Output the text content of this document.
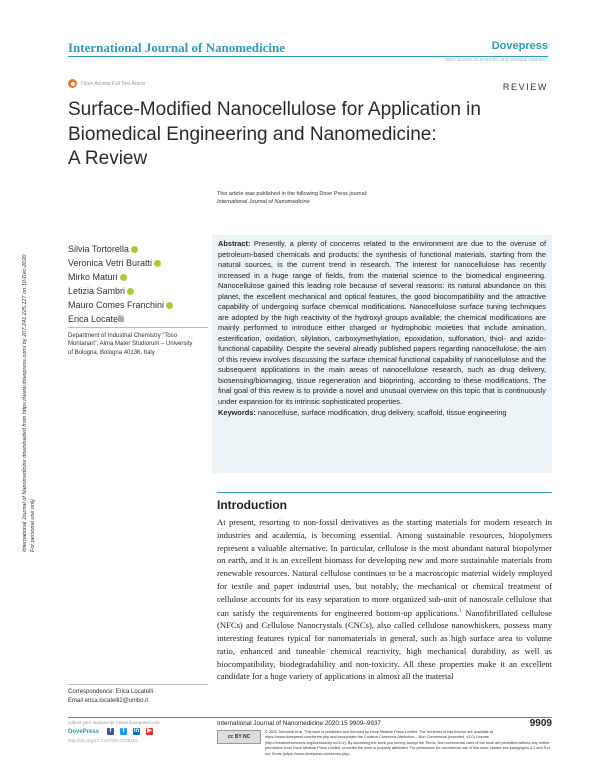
International Journal of Nanomedicine	Dovepress
open access to scientific and medical research
Open Access Full Text Article	REVIEW
Surface-Modified Nanocellulose for Application in
Biomedical Engineering and Nanomedicine:
A Review
This article was published in the following Dove Press journal:
International Journal of Nanomedicine
Silvia Tortorella
Veronica Vetri Buratti
Mirko Maturi
Letizia Sambri
Mauro Comes Franchini
Erica Locatelli
Department of Industrial Chemistry “Toso Montanari”, Alma Mater Studiorum – University of Bologna, Bologna 40136, Italy
Abstract: Presently, a plenty of concerns related to the environment are due to the overuse of petroleum-based chemicals and products; the synthesis of functional materials, starting from the natural sources, is the current trend in research. The interest for nanocellulose has recently increased in a huge range of fields, from the material science to the biomedical engineering. Nanocellulose gained this leading role because of several reasons: its natural abundance on this planet, the excellent mechanical and optical features, the good biocompatibility and the attractive capability of undergoing surface chemical modifications. Nanocellulose surface tuning techniques are adopted by the high reactivity of the hydroxyl groups available; the chemical modifications are mainly performed to introduce either charged or hydrophobic moieties that include amination, esterification, oxidation, silylation, carboxymethylation, epoxidation, sulfonation, thiol- and azido-functional capability. Despite the several already published papers regarding nanocellulose, the aim of this review involves discussing the surface chemical functional capability of nanocellulose and the subsequent applications in the main areas of nanocellulose research, such as drug delivery, biosensing/bioimaging, tissue regeneration and bioprinting, according to these modifications. The final goal of this review is to provide a novel and unusual overview on this topic that is continuously under expansion for its intrinsic sophisticated properties.
Keywords: nanocelluse, surface modification, drug delivery, scaffold, tissue engineering
Introduction
At present, resorting to non-fossil derivatives as the starting materials for modern research in industries and academia, is becoming essential. Among sustainable resources, biopolymers represent a valuable alternative. In particular, cellulose is the most abundant natural biopolymer on earth, and it is an excellent biomass for developing new and more sustainable materials from renewable resources. Natural cellulose continues to be a macroscopic material widely employed for textile and paper industrial uses, but notably, the mechanical or chemical treatment of cellulose accounts for its easy separation to more organized sub-unit of nanoscale cellulose that can satisfy the requirements for engineered bottom-up applications.$^1$ Nanofibrillated cellulose (NFCs) and Cellulose Nanocrystals (CNCs), also called cellulose nanowhiskers, possess many interesting features typical for nanomaterials in general, such as high surface area to volume ratio, enhanced and tuneable chemical reactivity, high mechanical durability, as well as biocompatibility, biodegradability and non-toxicity. All these properties make it an excellent candidate for a huge variety of applications in almost all the material
Correspondence: Erica Locatelli
Email erica.locatelli2@unibo.it
submit your manuscript | www.dovepress.com
DovePress	f	t	in ▶
http://doi.org/10.2147/IJN.S248103
International Journal of Nanomedicine 2020:15 9909–9937	9909
cc BY NC
© 2020 Tortorella et al. This work is published and licensed by Dove Medical Press Limited. The full terms of this license are available at https://www.dovepress.com/terms.php and incorporate the Creative Commons Attribution – Non Commercial (unported, v3.0) License (http://creativecommons.org/licenses/by-nc/3.0/). By accessing the work you hereby accept the Terms. Non-commercial uses of the work are permitted without any further permission from Dove Medical Press Limited, provided the work is properly attributed. For permission for commercial use of this work, please see paragraphs 4.2 and 5 of our Terms (https://www.dovepress.com/terms.php).
International Journal of Nanomedicine downloaded from https://www.dovepress.com/ by 207.241.225.127 on 10-Dec-2020 For personal use only.
